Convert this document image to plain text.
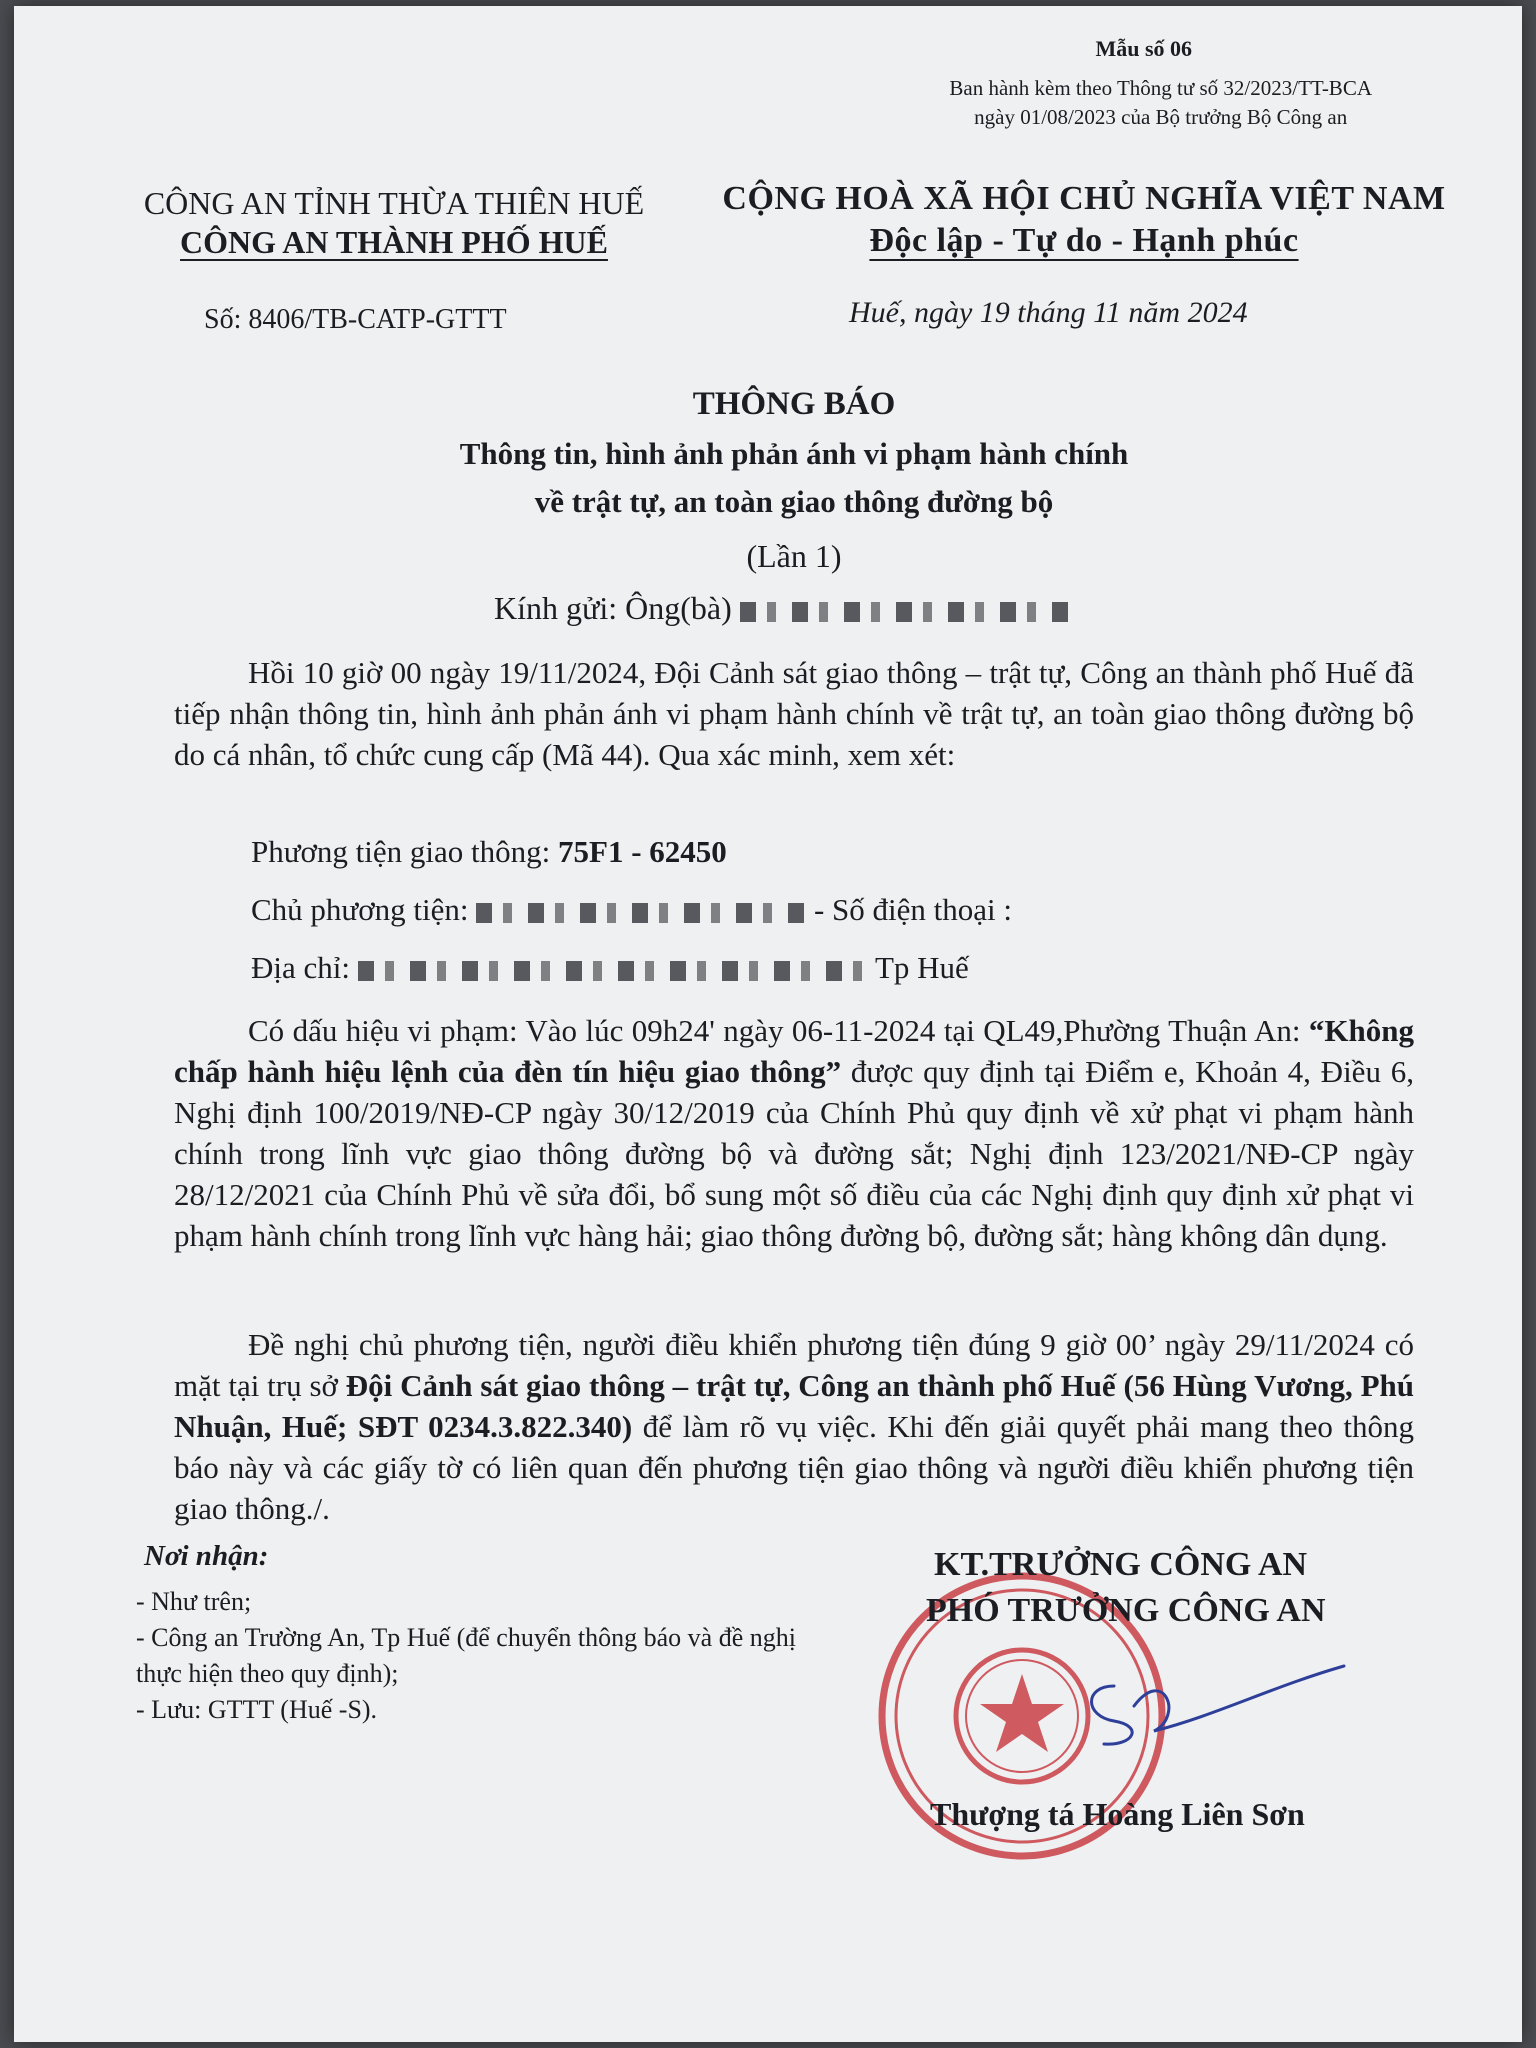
Mẫu số 06
Ban hành kèm theo Thông tư số 32/2023/TT-BCA
ngày 01/08/2023 của Bộ trưởng Bộ Công an
CÔNG AN TỈNH THỪA THIÊN HUẾ
CÔNG AN THÀNH PHỐ HUẾ
CỘNG HOÀ XÃ HỘI CHỦ NGHĨA VIỆT NAM
Độc lập - Tự do - Hạnh phúc
Số: 8406/TB-CATP-GTTT	Huế, ngày 19 tháng 11 năm 2024
THÔNG BÁO
Thông tin, hình ảnh phản ánh vi phạm hành chính
về trật tự, an toàn giao thông đường bộ
(Lần 1)
Kính gửi: Ông(bà)
Hồi 10 giờ 00 ngày 19/11/2024, Đội Cảnh sát giao thông – trật tự, Công an thành phố Huế đã tiếp nhận thông tin, hình ảnh phản ánh vi phạm hành chính về trật tự, an toàn giao thông đường bộ do cá nhân, tổ chức cung cấp (Mã 44). Qua xác minh, xem xét:
Phương tiện giao thông: 75F1 - 62450
Chủ phương tiện:	- Số điện thoại :
Địa chỉ:	Tp Huế
Có dấu hiệu vi phạm: Vào lúc 09h24' ngày 06-11-2024 tại QL49,Phường Thuận An: “Không chấp hành hiệu lệnh của đèn tín hiệu giao thông” được quy định tại Điểm e, Khoản 4, Điều 6, Nghị định 100/2019/NĐ-CP ngày 30/12/2019 của Chính Phủ quy định về xử phạt vi phạm hành chính trong lĩnh vực giao thông đường bộ và đường sắt; Nghị định 123/2021/NĐ-CP ngày 28/12/2021 của Chính Phủ về sửa đổi, bổ sung một số điều của các Nghị định quy định xử phạt vi phạm hành chính trong lĩnh vực hàng hải; giao thông đường bộ, đường sắt; hàng không dân dụng.
Đề nghị chủ phương tiện, người điều khiển phương tiện đúng 9 giờ 00’ ngày 29/11/2024 có mặt tại trụ sở Đội Cảnh sát giao thông – trật tự, Công an thành phố Huế (56 Hùng Vương, Phú Nhuận, Huế; SĐT 0234.3.822.340) để làm rõ vụ việc. Khi đến giải quyết phải mang theo thông báo này và các giấy tờ có liên quan đến phương tiện giao thông và người điều khiển phương tiện giao thông./.
Nơi nhận:
- Như trên;
- Công an Trường An, Tp Huế (để chuyển thông báo và đề nghị thực hiện theo quy định);
- Lưu: GTTT (Huế -S).
KT.TRƯỞNG CÔNG AN
PHÓ TRƯỞNG CÔNG AN
Thượng tá Hoàng Liên Sơn
